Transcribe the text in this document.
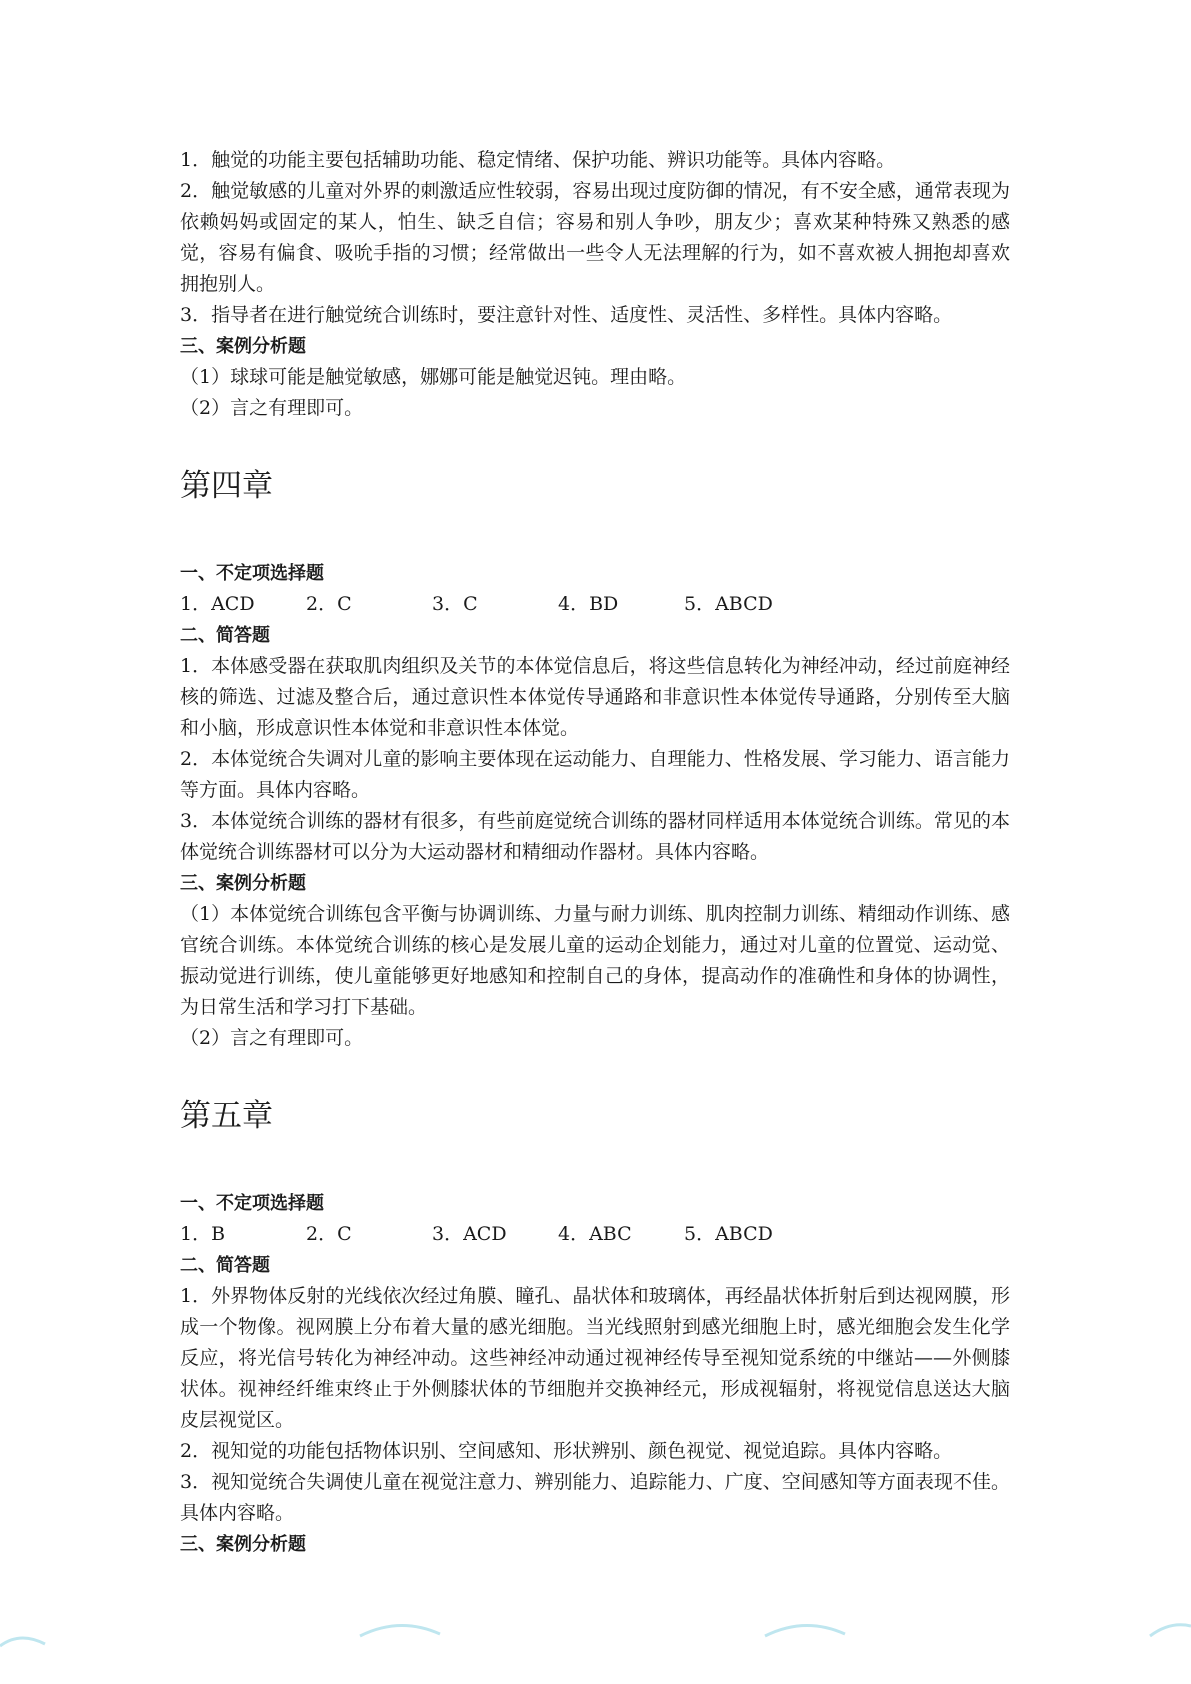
1．触觉的功能主要包括辅助功能、稳定情绪、保护功能、辨识功能等。具体内容略。

2．触觉敏感的儿童对外界的刺激适应性较弱，容易出现过度防御的情况，有不安全感，通常表现为依赖妈妈或固定的某人，怕生、缺乏自信；容易和别人争吵，朋友少；喜欢某种特殊又熟悉的感觉，容易有偏食、吸吮手指的习惯；经常做出一些令人无法理解的行为，如不喜欢被人拥抱却喜欢拥抱别人。

3．指导者在进行触觉统合训练时，要注意针对性、适度性、灵活性、多样性。具体内容略。

三、案例分析题

（1）球球可能是触觉敏感，娜娜可能是触觉迟钝。理由略。

（2）言之有理即可。

第四章

一、不定项选择题

1．ACD	2．C	3．C	4．BD	5．ABCD

二、简答题

1．本体感受器在获取肌肉组织及关节的本体觉信息后，将这些信息转化为神经冲动，经过前庭神经核的筛选、过滤及整合后，通过意识性本体觉传导通路和非意识性本体觉传导通路，分别传至大脑和小脑，形成意识性本体觉和非意识性本体觉。

2．本体觉统合失调对儿童的影响主要体现在运动能力、自理能力、性格发展、学习能力、语言能力等方面。具体内容略。

3．本体觉统合训练的器材有很多，有些前庭觉统合训练的器材同样适用本体觉统合训练。常见的本体觉统合训练器材可以分为大运动器材和精细动作器材。具体内容略。

三、案例分析题

（1）本体觉统合训练包含平衡与协调训练、力量与耐力训练、肌肉控制力训练、精细动作训练、感官统合训练。本体觉统合训练的核心是发展儿童的运动企划能力，通过对儿童的位置觉、运动觉、振动觉进行训练，使儿童能够更好地感知和控制自己的身体，提高动作的准确性和身体的协调性，为日常生活和学习打下基础。

（2）言之有理即可。

第五章

一、不定项选择题

1．B	2．C	3．ACD	4．ABC	5．ABCD

二、简答题

1．外界物体反射的光线依次经过角膜、瞳孔、晶状体和玻璃体，再经晶状体折射后到达视网膜，形成一个物像。视网膜上分布着大量的感光细胞。当光线照射到感光细胞上时，感光细胞会发生化学反应，将光信号转化为神经冲动。这些神经冲动通过视神经传导至视知觉系统的中继站——外侧膝状体。视神经纤维束终止于外侧膝状体的节细胞并交换神经元，形成视辐射，将视觉信息送达大脑皮层视觉区。

2．视知觉的功能包括物体识别、空间感知、形状辨别、颜色视觉、视觉追踪。具体内容略。

3．视知觉统合失调使儿童在视觉注意力、辨别能力、追踪能力、广度、空间感知等方面表现不佳。具体内容略。

三、案例分析题
